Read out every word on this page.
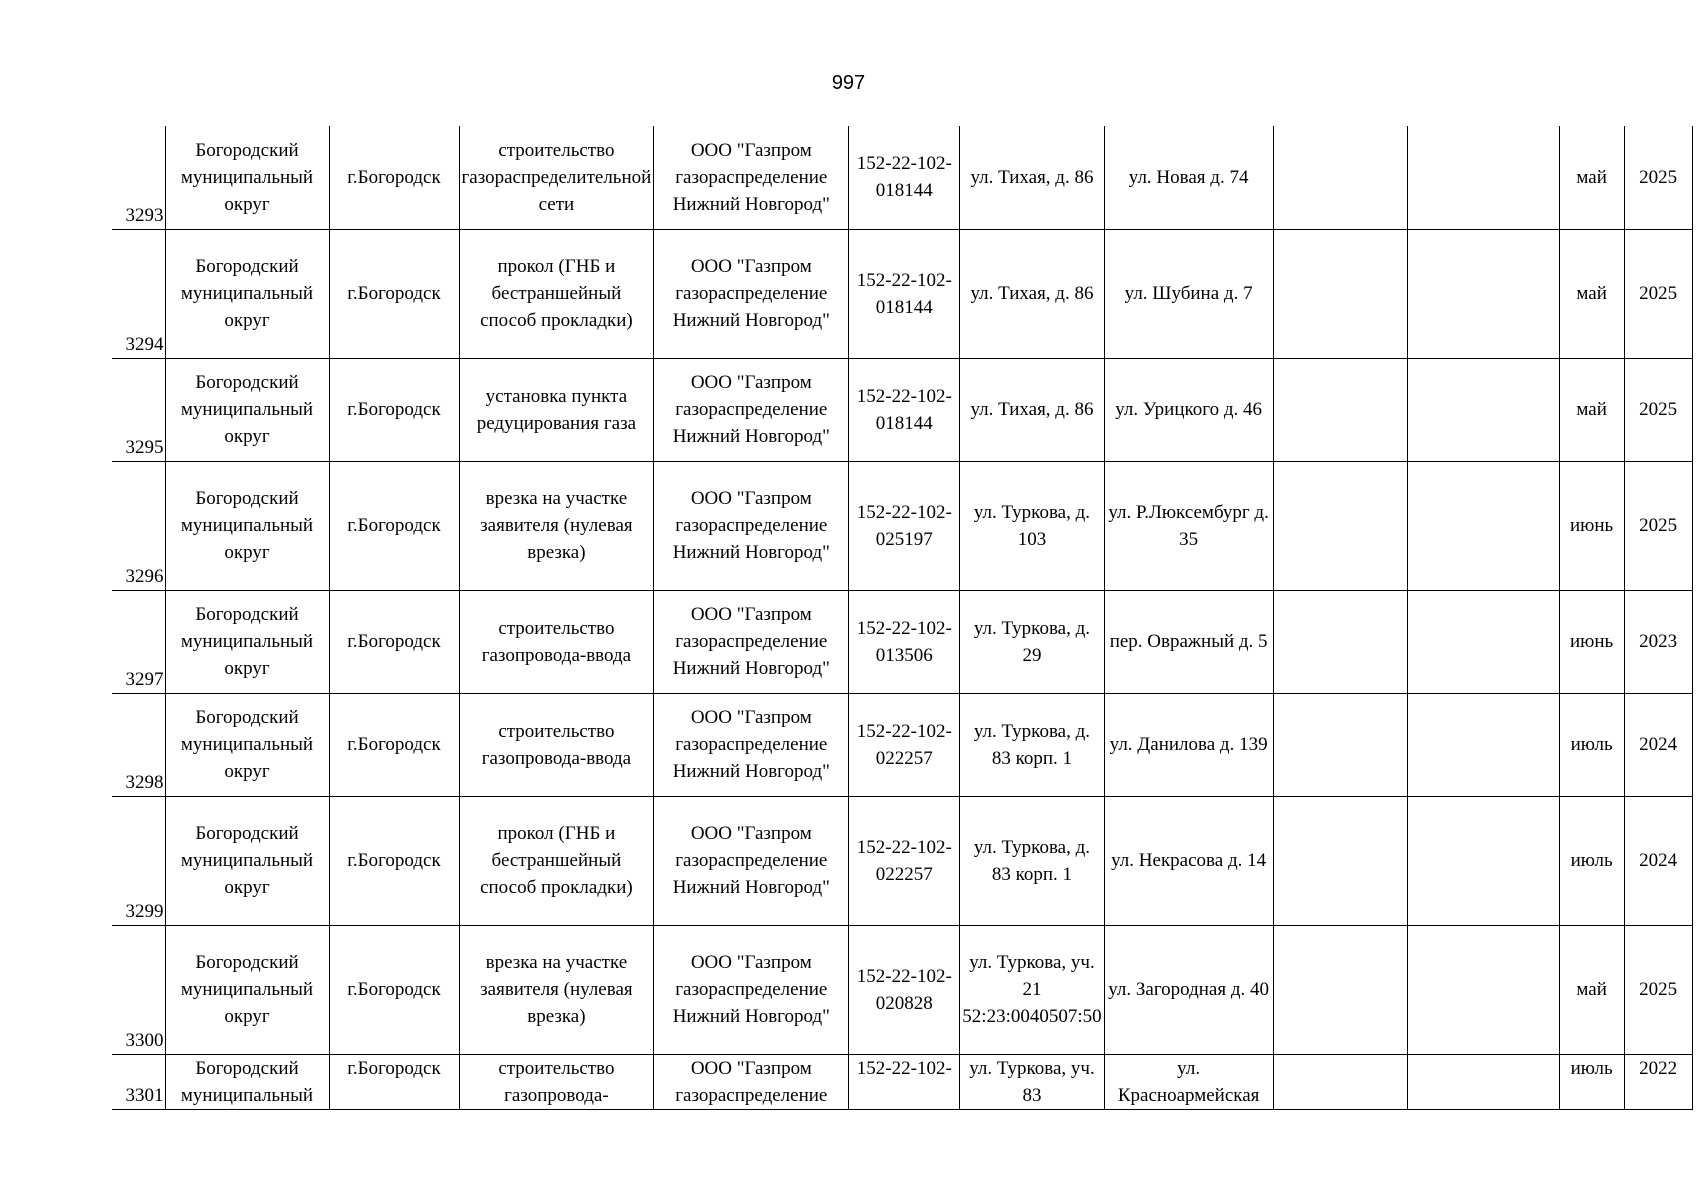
997
3293	Богородский муниципальный округ	г.Богородск	строительство газораспределительной сети	ООО "Газпром газораспределение Нижний Новгород"	152-22-102-018144	ул. Тихая, д. 86	ул. Новая д. 74			май	2025
3294	Богородский муниципальный округ	г.Богородск	прокол (ГНБ и бестраншейный способ прокладки)	ООО "Газпром газораспределение Нижний Новгород"	152-22-102-018144	ул. Тихая, д. 86	ул. Шубина д. 7			май	2025
3295	Богородский муниципальный округ	г.Богородск	установка пункта редуцирования газа	ООО "Газпром газораспределение Нижний Новгород"	152-22-102-018144	ул. Тихая, д. 86	ул. Урицкого д. 46			май	2025
3296	Богородский муниципальный округ	г.Богородск	врезка на участке заявителя (нулевая врезка)	ООО "Газпром газораспределение Нижний Новгород"	152-22-102-025197	ул. Туркова, д. 103	ул. Р.Люксембург д. 35			июнь	2025
3297	Богородский муниципальный округ	г.Богородск	строительство газопровода-ввода	ООО "Газпром газораспределение Нижний Новгород"	152-22-102-013506	ул. Туркова, д. 29	пер. Овражный д. 5			июнь	2023
3298	Богородский муниципальный округ	г.Богородск	строительство газопровода-ввода	ООО "Газпром газораспределение Нижний Новгород"	152-22-102-022257	ул. Туркова, д. 83 корп. 1	ул. Данилова д. 139			июль	2024
3299	Богородский муниципальный округ	г.Богородск	прокол (ГНБ и бестраншейный способ прокладки)	ООО "Газпром газораспределение Нижний Новгород"	152-22-102-022257	ул. Туркова, д. 83 корп. 1	ул. Некрасова д. 14			июль	2024
3300	Богородский муниципальный округ	г.Богородск	врезка на участке заявителя (нулевая врезка)	ООО "Газпром газораспределение Нижний Новгород"	152-22-102-020828	ул. Туркова, уч. 21 52:23:0040507:50	ул. Загородная д. 40			май	2025
3301	Богородский муниципальный	г.Богородск	строительство газопровода-	ООО "Газпром газораспределение	152-22-102-	ул. Туркова, уч. 83	ул. Красноармейская			июль	2022
